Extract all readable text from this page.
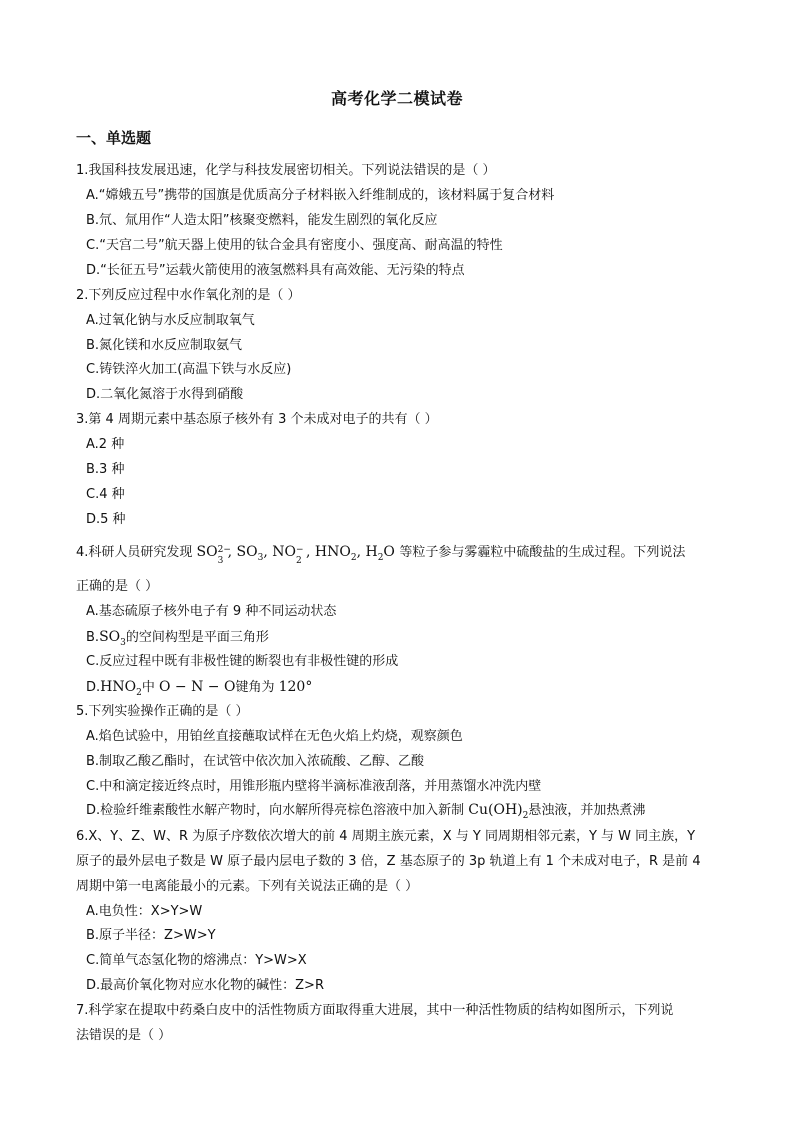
高考化学二模试卷
一、单选题
1.我国科技发展迅速，化学与科技发展密切相关。下列说法错误的是（ ）
A.“嫦娥五号”携带的国旗是优质高分子材料嵌入纤维制成的，该材料属于复合材料
B.氘、氚用作“人造太阳”核聚变燃料，能发生剧烈的氧化反应
C.“天宫二号”航天器上使用的钛合金具有密度小、强度高、耐高温的特性
D.“长征五号”运载火箭使用的液氢燃料具有高效能、无污染的特点
2.下列反应过程中水作氧化剂的是（ ）
A.过氧化钠与水反应制取氧气
B.氮化镁和水反应制取氨气
C.铸铁淬火加工(高温下铁与水反应)
D.二氧化氮溶于水得到硝酸
3.第 4 周期元素中基态原子核外有 3 个未成对电子的共有（ ）
A.2 种
B.3 种
C.4 种
D.5 种
4.科研人员研究发现 SO 2−
3
, $SO_3$, NO −
2
, $HNO_2$, $H_2O$ 等粒子参与雾霾粒中硫酸盐的生成过程。下列说法
正确的是（ ）
A.基态硫原子核外电子有 9 种不同运动状态
$B.SO_3$的空间构型是平面三角形
C.反应过程中既有非极性键的断裂也有非极性键的形成
$D.HNO_2$中 O − N − O键角为 120°
5.下列实验操作正确的是（ ）
A.焰色试验中，用铂丝直接蘸取试样在无色火焰上灼烧，观察颜色
B.制取乙酸乙酯时，在试管中依次加入浓硫酸、乙醇、乙酸
C.中和滴定接近终点时，用锥形瓶内壁将半滴标准液刮落，并用蒸馏水冲洗内壁
D.检验纤维素酸性水解产物时，向水解所得亮棕色溶液中加入新制 $Cu(OH)_2$悬浊液，并加热煮沸
6.X、Y、Z、W、R 为原子序数依次增大的前 4 周期主族元素，X 与 Y 同周期相邻元素，Y 与 W 同主族，Y
原子的最外层电子数是 W 原子最内层电子数的 3 倍，Z 基态原子的 3p 轨道上有 1 个未成对电子，R 是前 4
周期中第一电离能最小的元素。下列有关说法正确的是（ ）
A.电负性：X>Y>W
B.原子半径：Z>W>Y
C.简单气态氢化物的熔沸点：Y>W>X
D.最高价氧化物对应水化物的碱性：Z>R
7.科学家在提取中药桑白皮中的活性物质方面取得重大进展，其中一种活性物质的结构如图所示，下列说
法错误的是（ ）
